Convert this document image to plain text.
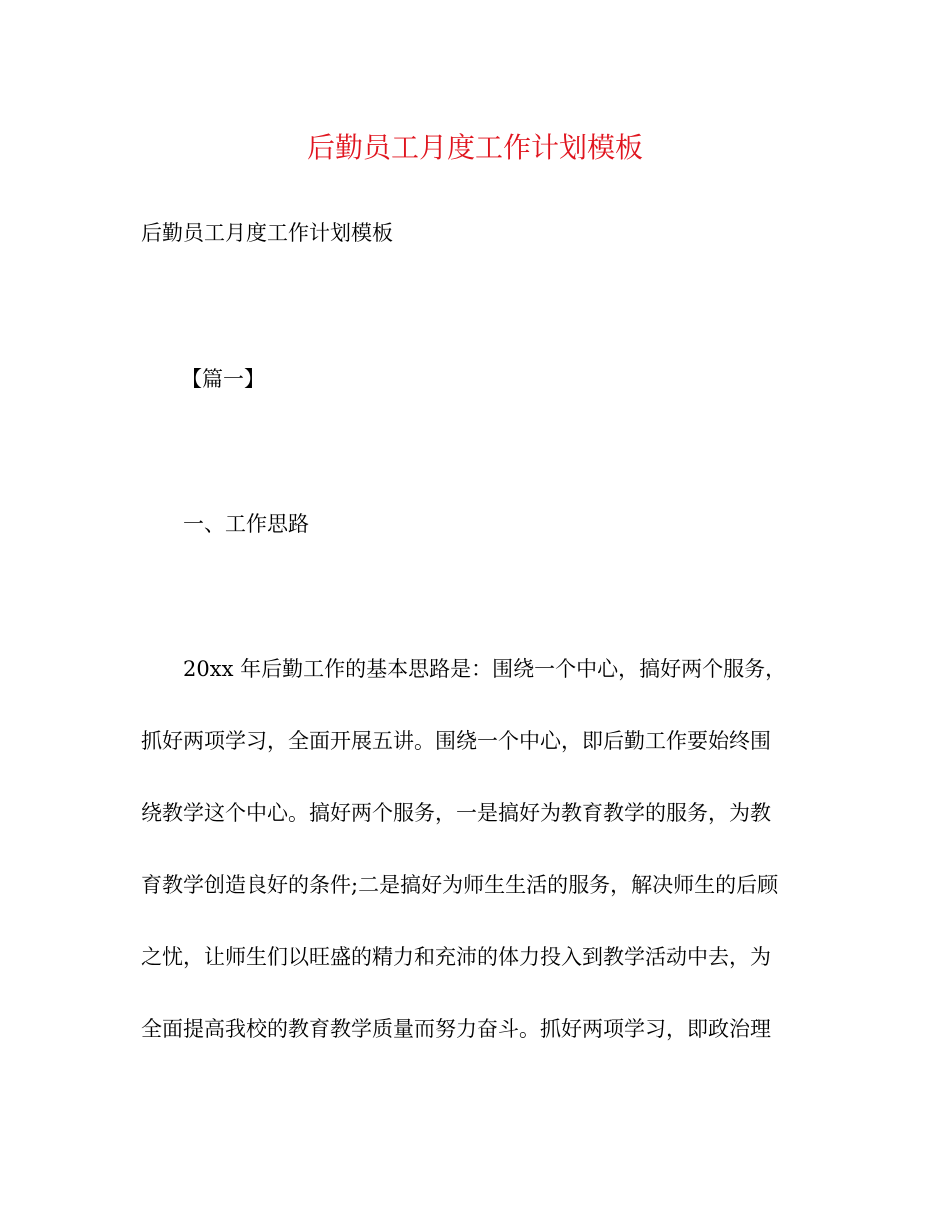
后勤员工月度工作计划模板

后勤员工月度工作计划模板

【篇一】

一、工作思路

20xx 年后勤工作的基本思路是：围绕一个中心，搞好两个服务，

抓好两项学习，全面开展五讲。围绕一个中心，即后勤工作要始终围

绕教学这个中心。搞好两个服务，一是搞好为教育教学的服务，为教

育教学创造良好的条件;二是搞好为师生生活的服务，解决师生的后顾

之忧，让师生们以旺盛的精力和充沛的体力投入到教学活动中去，为

全面提高我校的教育教学质量而努力奋斗。抓好两项学习，即政治理
